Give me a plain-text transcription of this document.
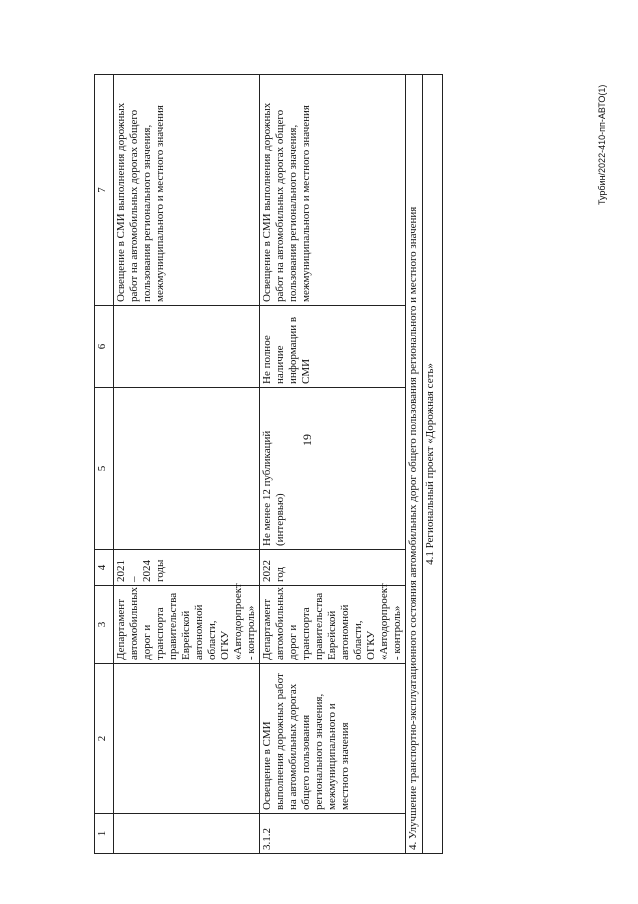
19
Турбин/2022-410-пп-АВТО(1)
1	2	3	4	5	6	7
		Департамент автомобильных дорог и транспорта правительства Еврейской автономной области, ОГКУ «Автодорпроект - контроль»	2021 – 2024 годы			Освещение в СМИ выполнения дорожных работ на автомобильных дорогах общего пользования регионального значения, межмуниципального и местного значения
3.1.2	Освещение в СМИ выполнения дорожных работ на автомобильных дорогах общего пользования регионального значения, межмуниципального и местного значения	Департамент автомобильных дорог и транспорта правительства Еврейской автономной области, ОГКУ «Автодорпроект - контроль»	2022 год	Не менее 12 публикаций (интервью)	Не полное наличие информации в СМИ	Освещение в СМИ выполнения дорожных работ на автомобильных дорогах общего пользования регионального значения, межмуниципального и местного значения
4. Улучшение транспортно-эксплуатационного состояния автомобильных дорог общего пользования регионального и местного значения						
4.1 Региональный проект «Дорожная сеть»						
